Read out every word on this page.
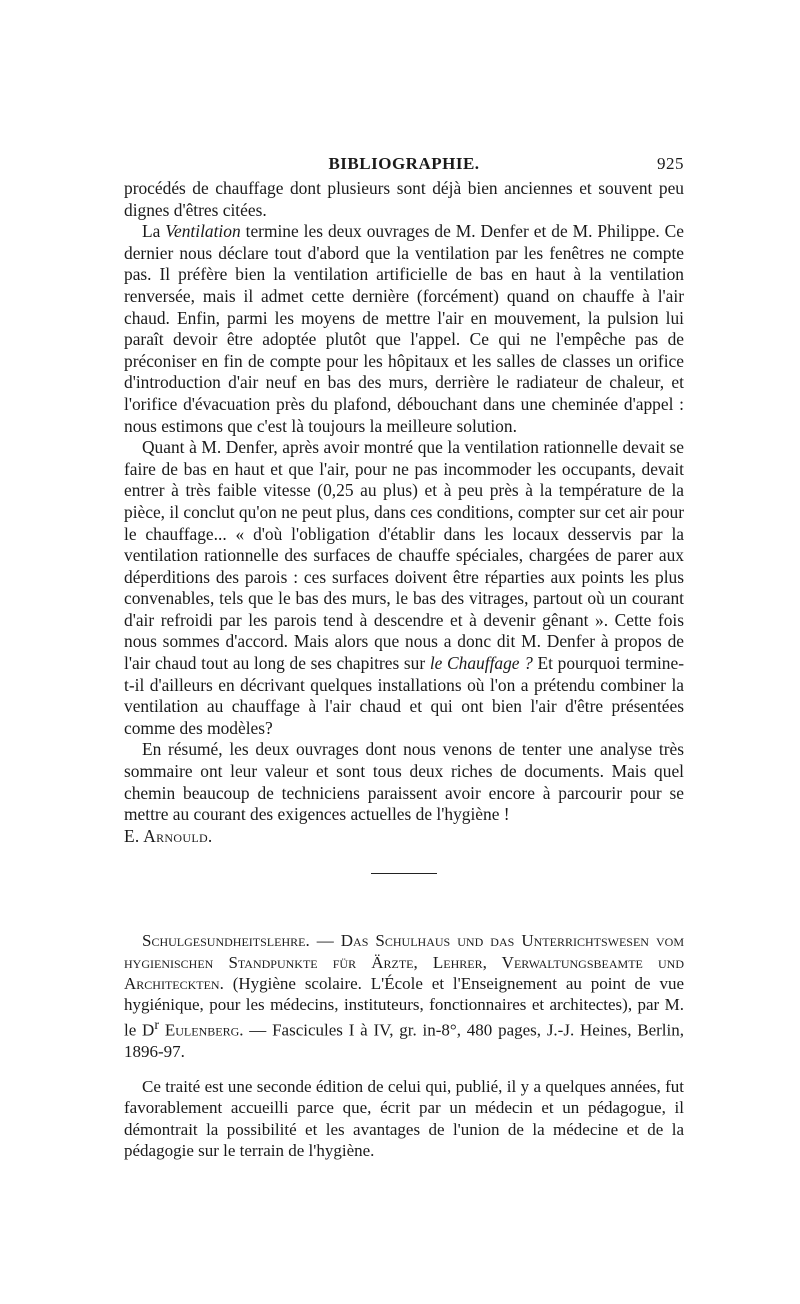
BIBLIOGRAPHIE.	925

procédés de chauffage dont plusieurs sont déjà bien anciennes et souvent peu dignes d'êtres citées.

La Ventilation termine les deux ouvrages de M. Denfer et de M. Philippe. Ce dernier nous déclare tout d'abord que la ventilation par les fenêtres ne compte pas. Il préfère bien la ventilation artificielle de bas en haut à la ventilation renversée, mais il admet cette dernière (forcément) quand on chauffe à l'air chaud. Enfin, parmi les moyens de mettre l'air en mouvement, la pulsion lui paraît devoir être adoptée plutôt que l'appel. Ce qui ne l'empêche pas de préconiser en fin de compte pour les hôpitaux et les salles de classes un orifice d'introduction d'air neuf en bas des murs, derrière le radiateur de chaleur, et l'orifice d'évacuation près du plafond, débouchant dans une cheminée d'appel : nous estimons que c'est là toujours la meilleure solution.

Quant à M. Denfer, après avoir montré que la ventilation rationnelle devait se faire de bas en haut et que l'air, pour ne pas incommoder les occupants, devait entrer à très faible vitesse (0,25 au plus) et à peu près à la température de la pièce, il conclut qu'on ne peut plus, dans ces conditions, compter sur cet air pour le chauffage... « d'où l'obligation d'établir dans les locaux desservis par la ventilation rationnelle des surfaces de chauffe spéciales, chargées de parer aux déperditions des parois : ces surfaces doivent être réparties aux points les plus convenables, tels que le bas des murs, le bas des vitrages, partout où un courant d'air refroidi par les parois tend à descendre et à devenir gênant ». Cette fois nous sommes d'accord. Mais alors que nous a donc dit M. Denfer à propos de l'air chaud tout au long de ses chapitres sur le Chauffage ? Et pourquoi termine-t-il d'ailleurs en décrivant quelques installations où l'on a prétendu combiner la ventilation au chauffage à l'air chaud et qui ont bien l'air d'être présentées comme des modèles?

En résumé, les deux ouvrages dont nous venons de tenter une analyse très sommaire ont leur valeur et sont tous deux riches de documents. Mais quel chemin beaucoup de techniciens paraissent avoir encore à parcourir pour se mettre au courant des exigences actuelles de l'hygiène !

E. Arnould.

Schulgesundheitslehre. — Das Schulhaus und das Unterrichtswesen vom hygienischen Standpunkte für Ärzte, Lehrer, Verwaltungsbeamte und Architeckten. (Hygiène scolaire. L'École et l'Enseignement au point de vue hygiénique, pour les médecins, instituteurs, fonctionnaires et architectes), par M. le $D^r$ Eulenberg. — Fascicules I à IV, gr. in-8°, 480 pages, J.-J. Heines, Berlin, 1896-97.

Ce traité est une seconde édition de celui qui, publié, il y a quelques années, fut favorablement accueilli parce que, écrit par un médecin et un pédagogue, il démontrait la possibilité et les avantages de l'union de la médecine et de la pédagogie sur le terrain de l'hygiène.
